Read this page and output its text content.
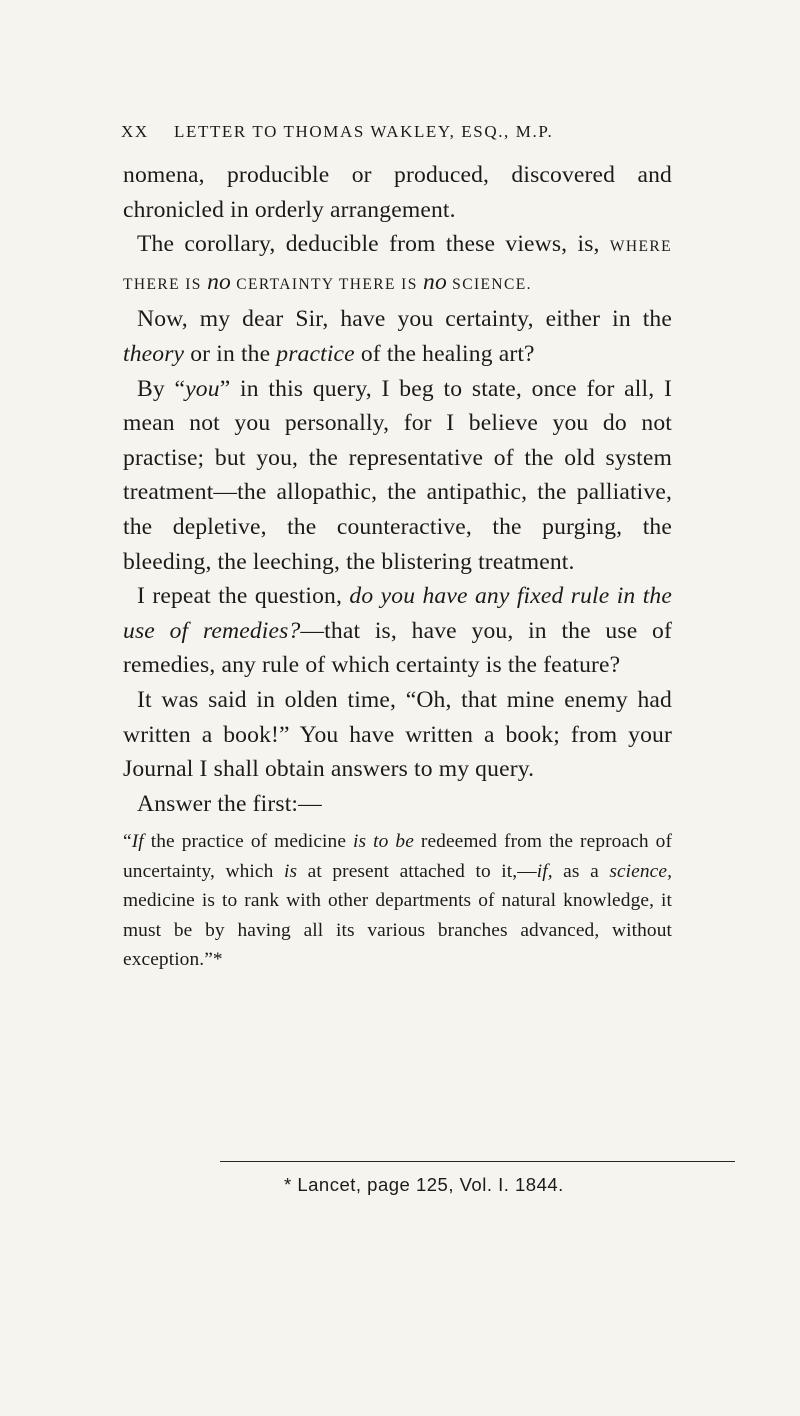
XX LETTER TO THOMAS WAKLEY, ESQ., M.P.

nomena, producible or produced, discovered and chronicled in orderly arrangement.

The corollary, deducible from these views, is, WHERE THERE IS no CERTAINTY THERE IS no SCIENCE.

Now, my dear Sir, have you certainty, either in the theory or in the practice of the healing art?

By “you” in this query, I beg to state, once for all, I mean not you personally, for I believe you do not practise; but you, the representative of the old system treatment—the allopathic, the antipathic, the palliative, the depletive, the counteractive, the purging, the bleeding, the leeching, the blistering treatment.

I repeat the question, do you have any fixed rule in the use of remedies?—that is, have you, in the use of remedies, any rule of which certainty is the feature?

It was said in olden time, “Oh, that mine enemy had written a book!” You have written a book; from your Journal I shall obtain answers to my query.

Answer the first:—

“If the practice of medicine is to be redeemed from the reproach of uncertainty, which is at present attached to it,—if, as a science, medicine is to rank with other departments of natural knowledge, it must be by having all its various branches advanced, without exception.”*

* Lancet, page 125, Vol. I. 1844.
